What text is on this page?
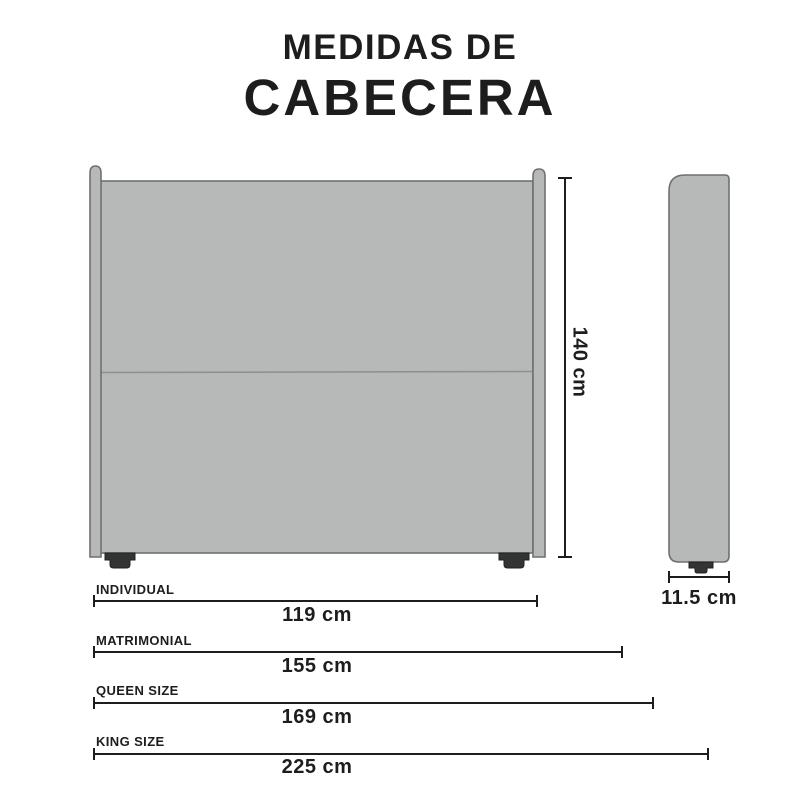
MEDIDAS DE
CABECERA
140 cm
11.5 cm
INDIVIDUAL
119 cm
MATRIMONIAL
155 cm
QUEEN SIZE
169 cm
KING SIZE
225 cm
